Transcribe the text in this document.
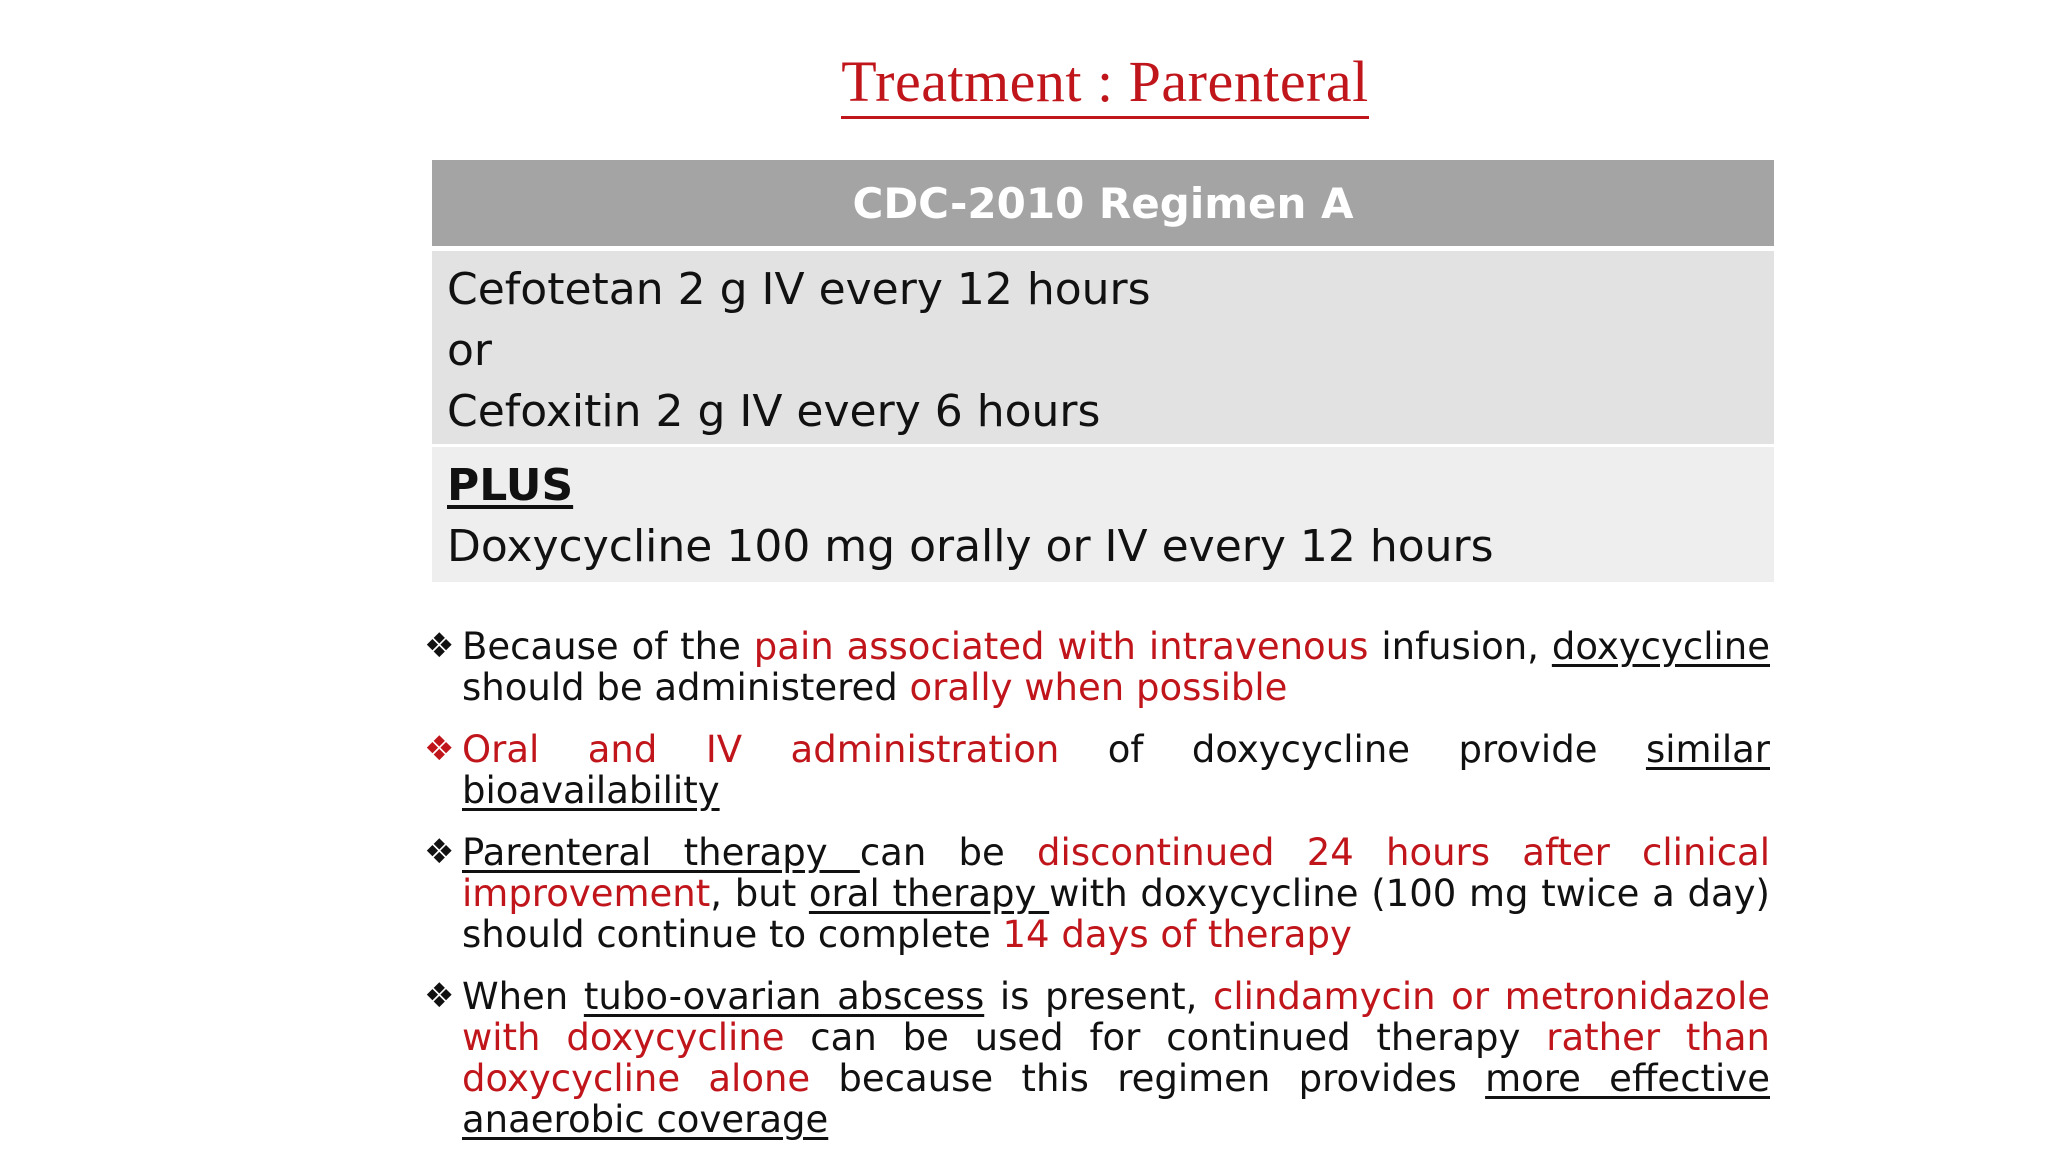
Treatment : Parenteral
CDC-2010 Regimen A
Cefotetan 2 g IV every 12 hours
or
Cefoxitin 2 g IV every 6 hours
PLUS
Doxycycline 100 mg orally or IV every 12 hours

❖ Because of the pain associated with intravenous infusion, doxycycline should be administered orally when possible

❖ Oral and IV administration of doxycycline provide similar bioavailability

❖ Parenteral therapy can be discontinued 24 hours after clinical improvement, but oral therapy with doxycycline (100 mg twice a day) should continue to complete 14 days of therapy

❖ When tubo-ovarian abscess is present, clindamycin or metronidazole with doxycycline can be used for continued therapy rather than doxycycline alone because this regimen provides more effective anaerobic coverage
